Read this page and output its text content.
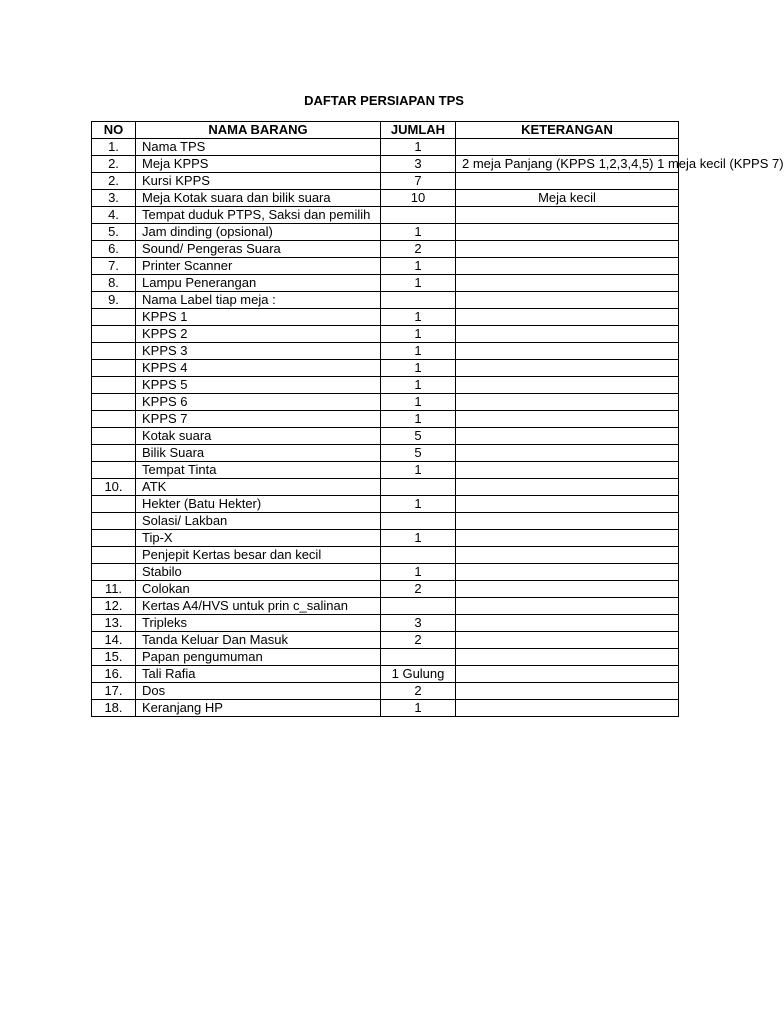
DAFTAR PERSIAPAN TPS
NO	NAMA BARANG	JUMLAH	KETERANGAN
1.	Nama TPS	1	
2.	Meja KPPS	3	2 meja Panjang (KPPS 1,2,3,4,5) 1 meja kecil (KPPS 7)
2.	Kursi KPPS	7	
3.	Meja Kotak suara dan bilik suara	10	Meja kecil
4.	Tempat duduk PTPS, Saksi dan pemilih		
5.	Jam dinding (opsional)	1	
6.	Sound/ Pengeras Suara	2	
7.	Printer Scanner	1	
8.	Lampu Penerangan	1	
9.	Nama Label tiap meja :		
	KPPS 1	1	
	KPPS 2	1	
	KPPS 3	1	
	KPPS 4	1	
	KPPS 5	1	
	KPPS 6	1	
	KPPS 7	1	
	Kotak suara	5	
	Bilik Suara	5	
	Tempat Tinta	1	
10.	ATK		
	Hekter (Batu Hekter)	1	
	Solasi/ Lakban		
	Tip-X	1	
	Penjepit Kertas besar dan kecil		
	Stabilo	1	
11.	Colokan	2	
12.	Kertas A4/HVS untuk prin c_salinan		
13.	Tripleks	3	
14.	Tanda Keluar Dan Masuk	2	
15.	Papan pengumuman		
16.	Tali Rafia	1 Gulung	
17.	Dos	2	
18.	Keranjang HP	1	
